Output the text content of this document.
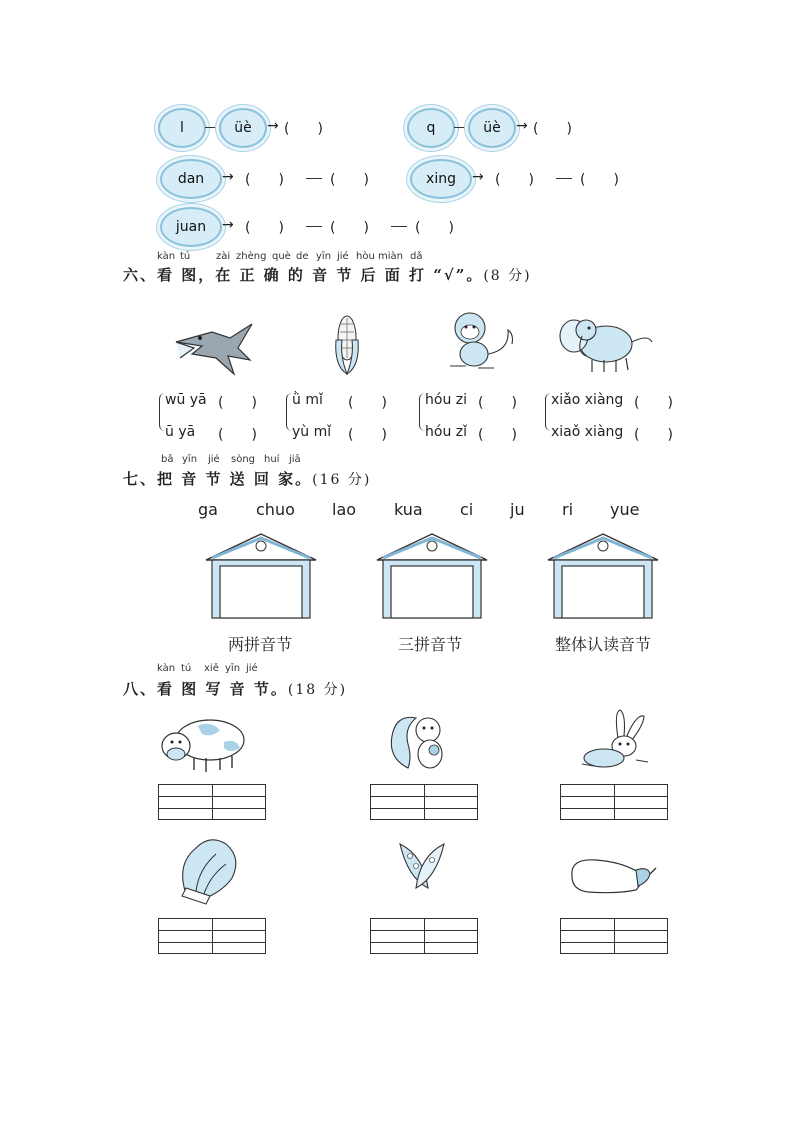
l	üè → (　　)	q	üè → (　　)
dan → (　　)	(　　)	xing → (　　)	(　　)
juan → (　　)	(　　)	(　　)
kàn tú	zài zhèng què de yīn jié hòu miàn dǎ
六、看 图，在 正 确 的 音 节 后 面 打 “√”。(8 分)
wū yā (　　)
ū yā (　　)
ǜ mǐ (　　)
yù mǐ (　　)
hóu zi (　　)
hóu zǐ (　　)
xiǎo xiàng (　　)
xiaǒ xiàng (　　)
bǎ yīn jié sòng huí jiā
七、把 音 节 送 回 家。(16 分)
ga chuo lao kua ci ju ri yue
两拼音节	三拼音节	整体认读音节
kàn tú xiě yīn jié
八、看 图 写 音 节。(18 分)
